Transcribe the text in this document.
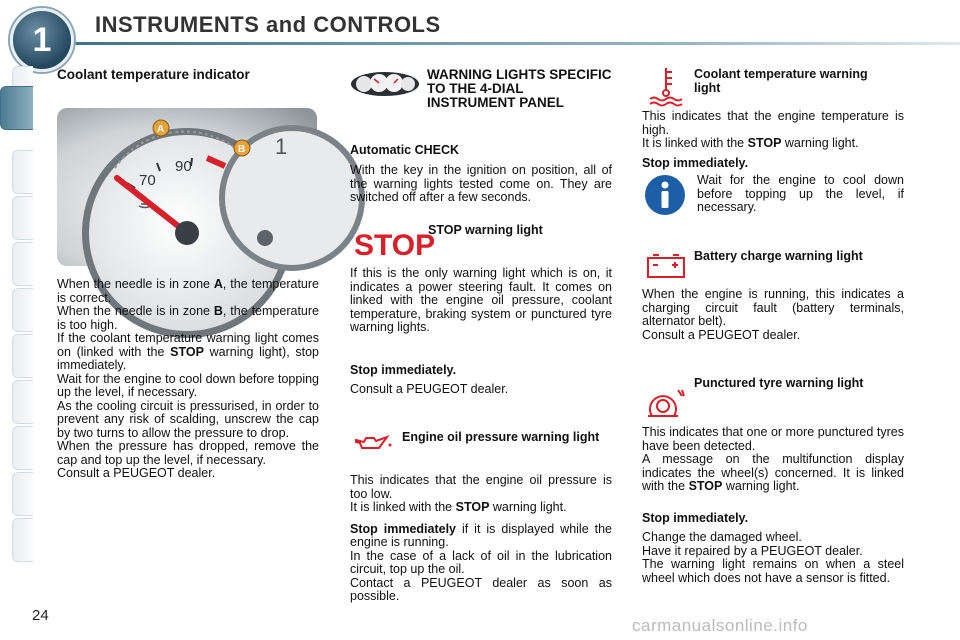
1	INSTRUMENTS and CONTROLS
Coolant temperature indicator
90
70
1
A
B

When the needle is in zone A, the temperature is correct.

When the needle is in zone B, the temperature is too high.

If the coolant temperature warning light comes on (linked with the STOP warning light), stop immediately.

Wait for the engine to cool down before topping up the level, if necessary.

As the cooling circuit is pressurised, in order to prevent any risk of scalding, unscrew the cap by two turns to allow the pressure to drop.

When the pressure has dropped, remove the cap and top up the level, if necessary.

Consult a PEUGEOT dealer.

WARNING LIGHTS SPECIFIC TO THE 4-DIAL INSTRUMENT PANEL
Automatic CHECK
With the key in the ignition on position, all of the warning lights tested come on. They are switched off after a few seconds.
STOP
STOP warning light
If this is the only warning light which is on, it indicates a power steering fault. It comes on linked with the engine oil pressure, coolant temperature, braking system or punctured tyre warning lights.
Stop immediately.
Consult a PEUGEOT dealer.
Engine oil pressure warning light

This indicates that the engine oil pressure is too low.

It is linked with the STOP warning light.

Stop immediately if it is displayed while the engine is running.

In the case of a lack of oil in the lubrication circuit, top up the oil.

Contact a PEUGEOT dealer as soon as possible.

Coolant temperature warning light

This indicates that the engine temperature is high.

It is linked with the STOP warning light.

Stop immediately.
Wait for the engine to cool down before topping up the level, if necessary.
Battery charge warning light

When the engine is running, this indicates a charging circuit fault (battery terminals, alternator belt).

Consult a PEUGEOT dealer.

Punctured tyre warning light

This indicates that one or more punctured tyres have been detected.

A message on the multifunction display indicates the wheel(s) concerned. It is linked with the STOP warning light.

Stop immediately.

Change the damaged wheel.

Have it repaired by a PEUGEOT dealer.

The warning light remains on when a steel wheel which does not have a sensor is fitted.

24
carmanualsonline.info
